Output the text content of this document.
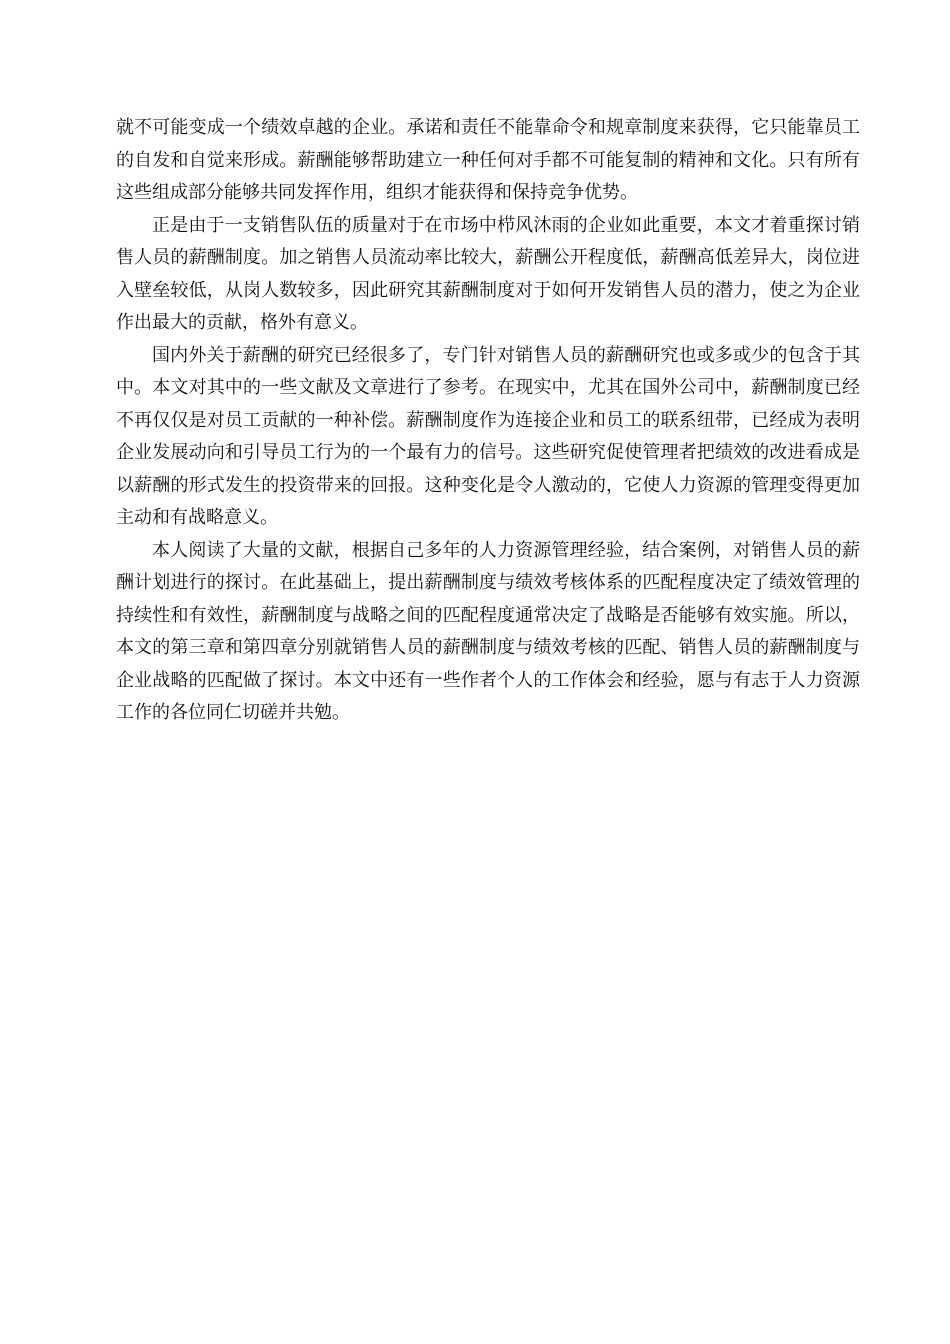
就不可能变成一个绩效卓越的企业。承诺和责任不能靠命令和规章制度来获得，它只能靠员工的自发和自觉来形成。薪酬能够帮助建立一种任何对手都不可能复制的精神和文化。只有所有这些组成部分能够共同发挥作用，组织才能获得和保持竞争优势。

正是由于一支销售队伍的质量对于在市场中栉风沐雨的企业如此重要，本文才着重探讨销售人员的薪酬制度。加之销售人员流动率比较大，薪酬公开程度低，薪酬高低差异大，岗位进入壁垒较低，从岗人数较多，因此研究其薪酬制度对于如何开发销售人员的潜力，使之为企业作出最大的贡献，格外有意义。

国内外关于薪酬的研究已经很多了，专门针对销售人员的薪酬研究也或多或少的包含于其中。本文对其中的一些文献及文章进行了参考。在现实中，尤其在国外公司中，薪酬制度已经不再仅仅是对员工贡献的一种补偿。薪酬制度作为连接企业和员工的联系纽带，已经成为表明企业发展动向和引导员工行为的一个最有力的信号。这些研究促使管理者把绩效的改进看成是以薪酬的形式发生的投资带来的回报。这种变化是令人激动的，它使人力资源的管理变得更加主动和有战略意义。

本人阅读了大量的文献，根据自己多年的人力资源管理经验，结合案例，对销售人员的薪酬计划进行的探讨。在此基础上，提出薪酬制度与绩效考核体系的匹配程度决定了绩效管理的持续性和有效性，薪酬制度与战略之间的匹配程度通常决定了战略是否能够有效实施。所以，本文的第三章和第四章分别就销售人员的薪酬制度与绩效考核的匹配、销售人员的薪酬制度与企业战略的匹配做了探讨。本文中还有一些作者个人的工作体会和经验，愿与有志于人力资源工作的各位同仁切磋并共勉。
